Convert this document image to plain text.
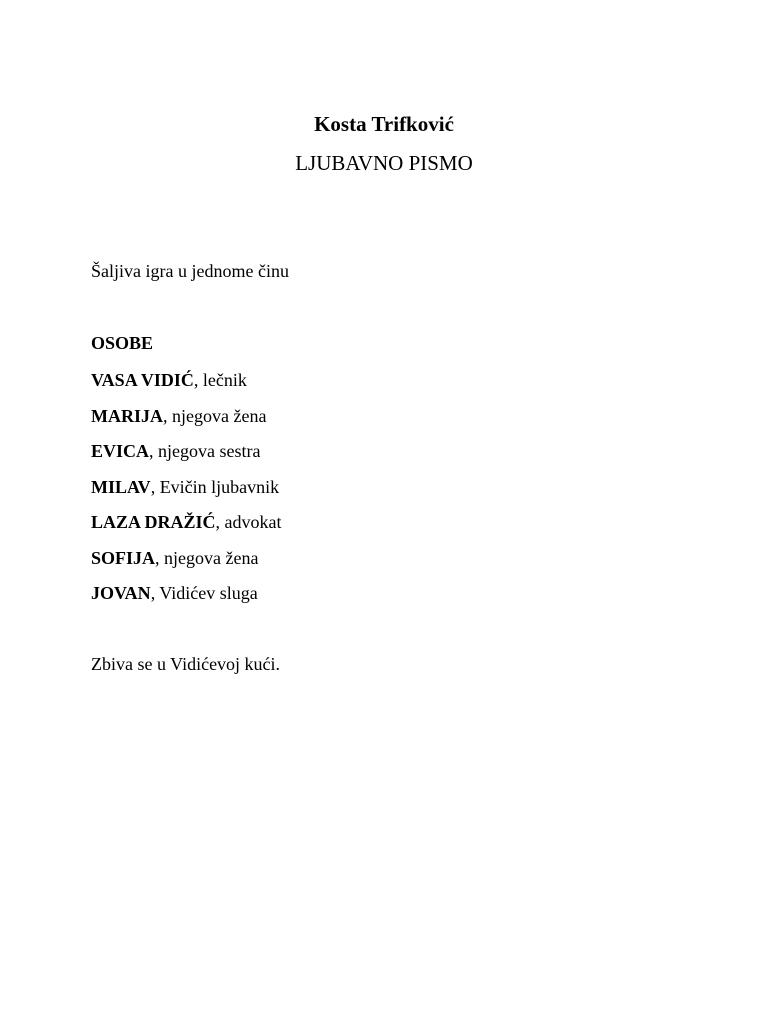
Kosta Trifković
LJUBAVNO PISMO
Šaljiva igra u jednome činu
OSOBE
VASA VIDIĆ, lečnik
MARIJA, njegova žena
EVICA, njegova sestra
MILAV, Evičin ljubavnik
LAZA DRAŽIĆ, advokat
SOFIJA, njegova žena
JOVAN, Vidićev sluga
Zbiva se u Vidićevoj kući.
